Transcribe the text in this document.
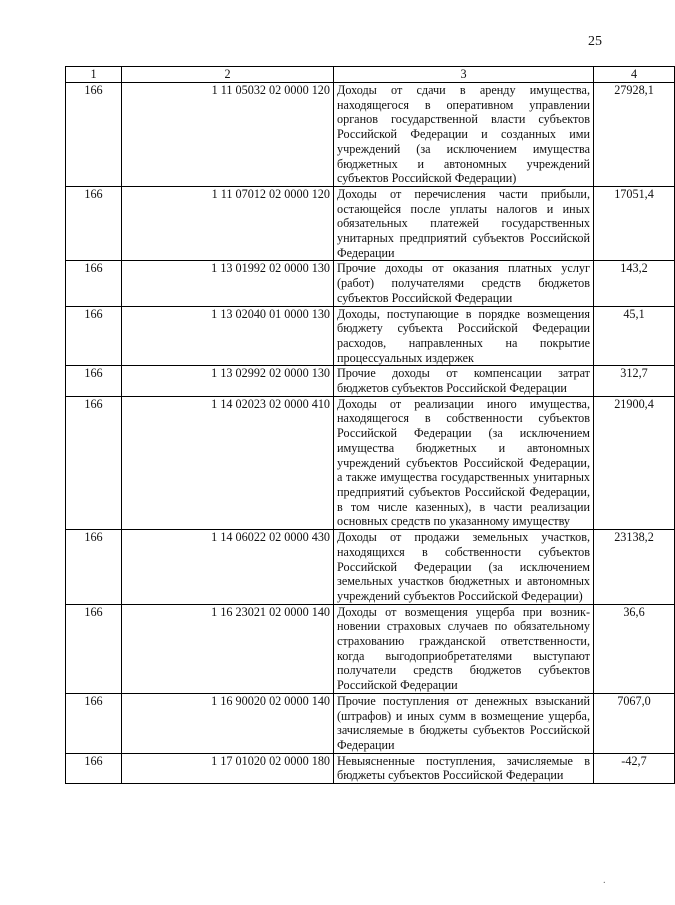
25
1	2	3	4
166	1 11 05032 02 0000 120	Доходы от сдачи в аренду имущества, находящегося в оперативном управлении органов государственной власти субъектов Российской Федерации и созданных ими учреждений (за исключением имущества бюджетных и автономных учреждений субъектов Российской Федерации)	27928,1
166	1 11 07012 02 0000 120	Доходы от перечисления части прибыли, остающейся после уплаты налогов и иных обязательных платежей государственных унитарных предприятий субъектов Российской Федерации	17051,4
166	1 13 01992 02 0000 130	Прочие доходы от оказания платных услуг (работ) получателями средств бюджетов субъектов Российской Федерации	143,2
166	1 13 02040 01 0000 130	Доходы, поступающие в порядке возмещения бюджету субъекта Российской Федерации расходов, направленных на покрытие процессуальных издержек	45,1
166	1 13 02992 02 0000 130	Прочие доходы от компенсации затрат бюджетов субъектов Российской Федерации	312,7
166	1 14 02023 02 0000 410	Доходы от реализации иного имущества, находящегося в собственности субъектов Российской Федерации (за исключением имущества бюджетных и автономных учреждений субъектов Российской Федерации, а также имущества государственных унитарных предприятий субъектов Российской Федерации, в том числе казенных), в части реализации основных средств по указанному имуществу	21900,4
166	1 14 06022 02 0000 430	Доходы от продажи земельных участков, находящихся в собственности субъектов Российской Федерации (за исключением земельных участков бюджетных и автономных учреждений субъектов Российской Федерации)	23138,2
166	1 16 23021 02 0000 140	Доходы от возмещения ущерба при возникновении страховых случаев по обязательному страхованию гражданской ответственности, когда выгодоприобретателями выступают получатели средств бюджетов субъектов Российской Федерации	36,6
166	1 16 90020 02 0000 140	Прочие поступления от денежных взысканий (штрафов) и иных сумм в возмещение ущерба, зачисляемые в бюджеты субъектов Российской Федерации	7067,0
166	1 17 01020 02 0000 180	Невыясненные поступления, зачисляемые в бюджеты субъектов Российской Федерации	-42,7
·
